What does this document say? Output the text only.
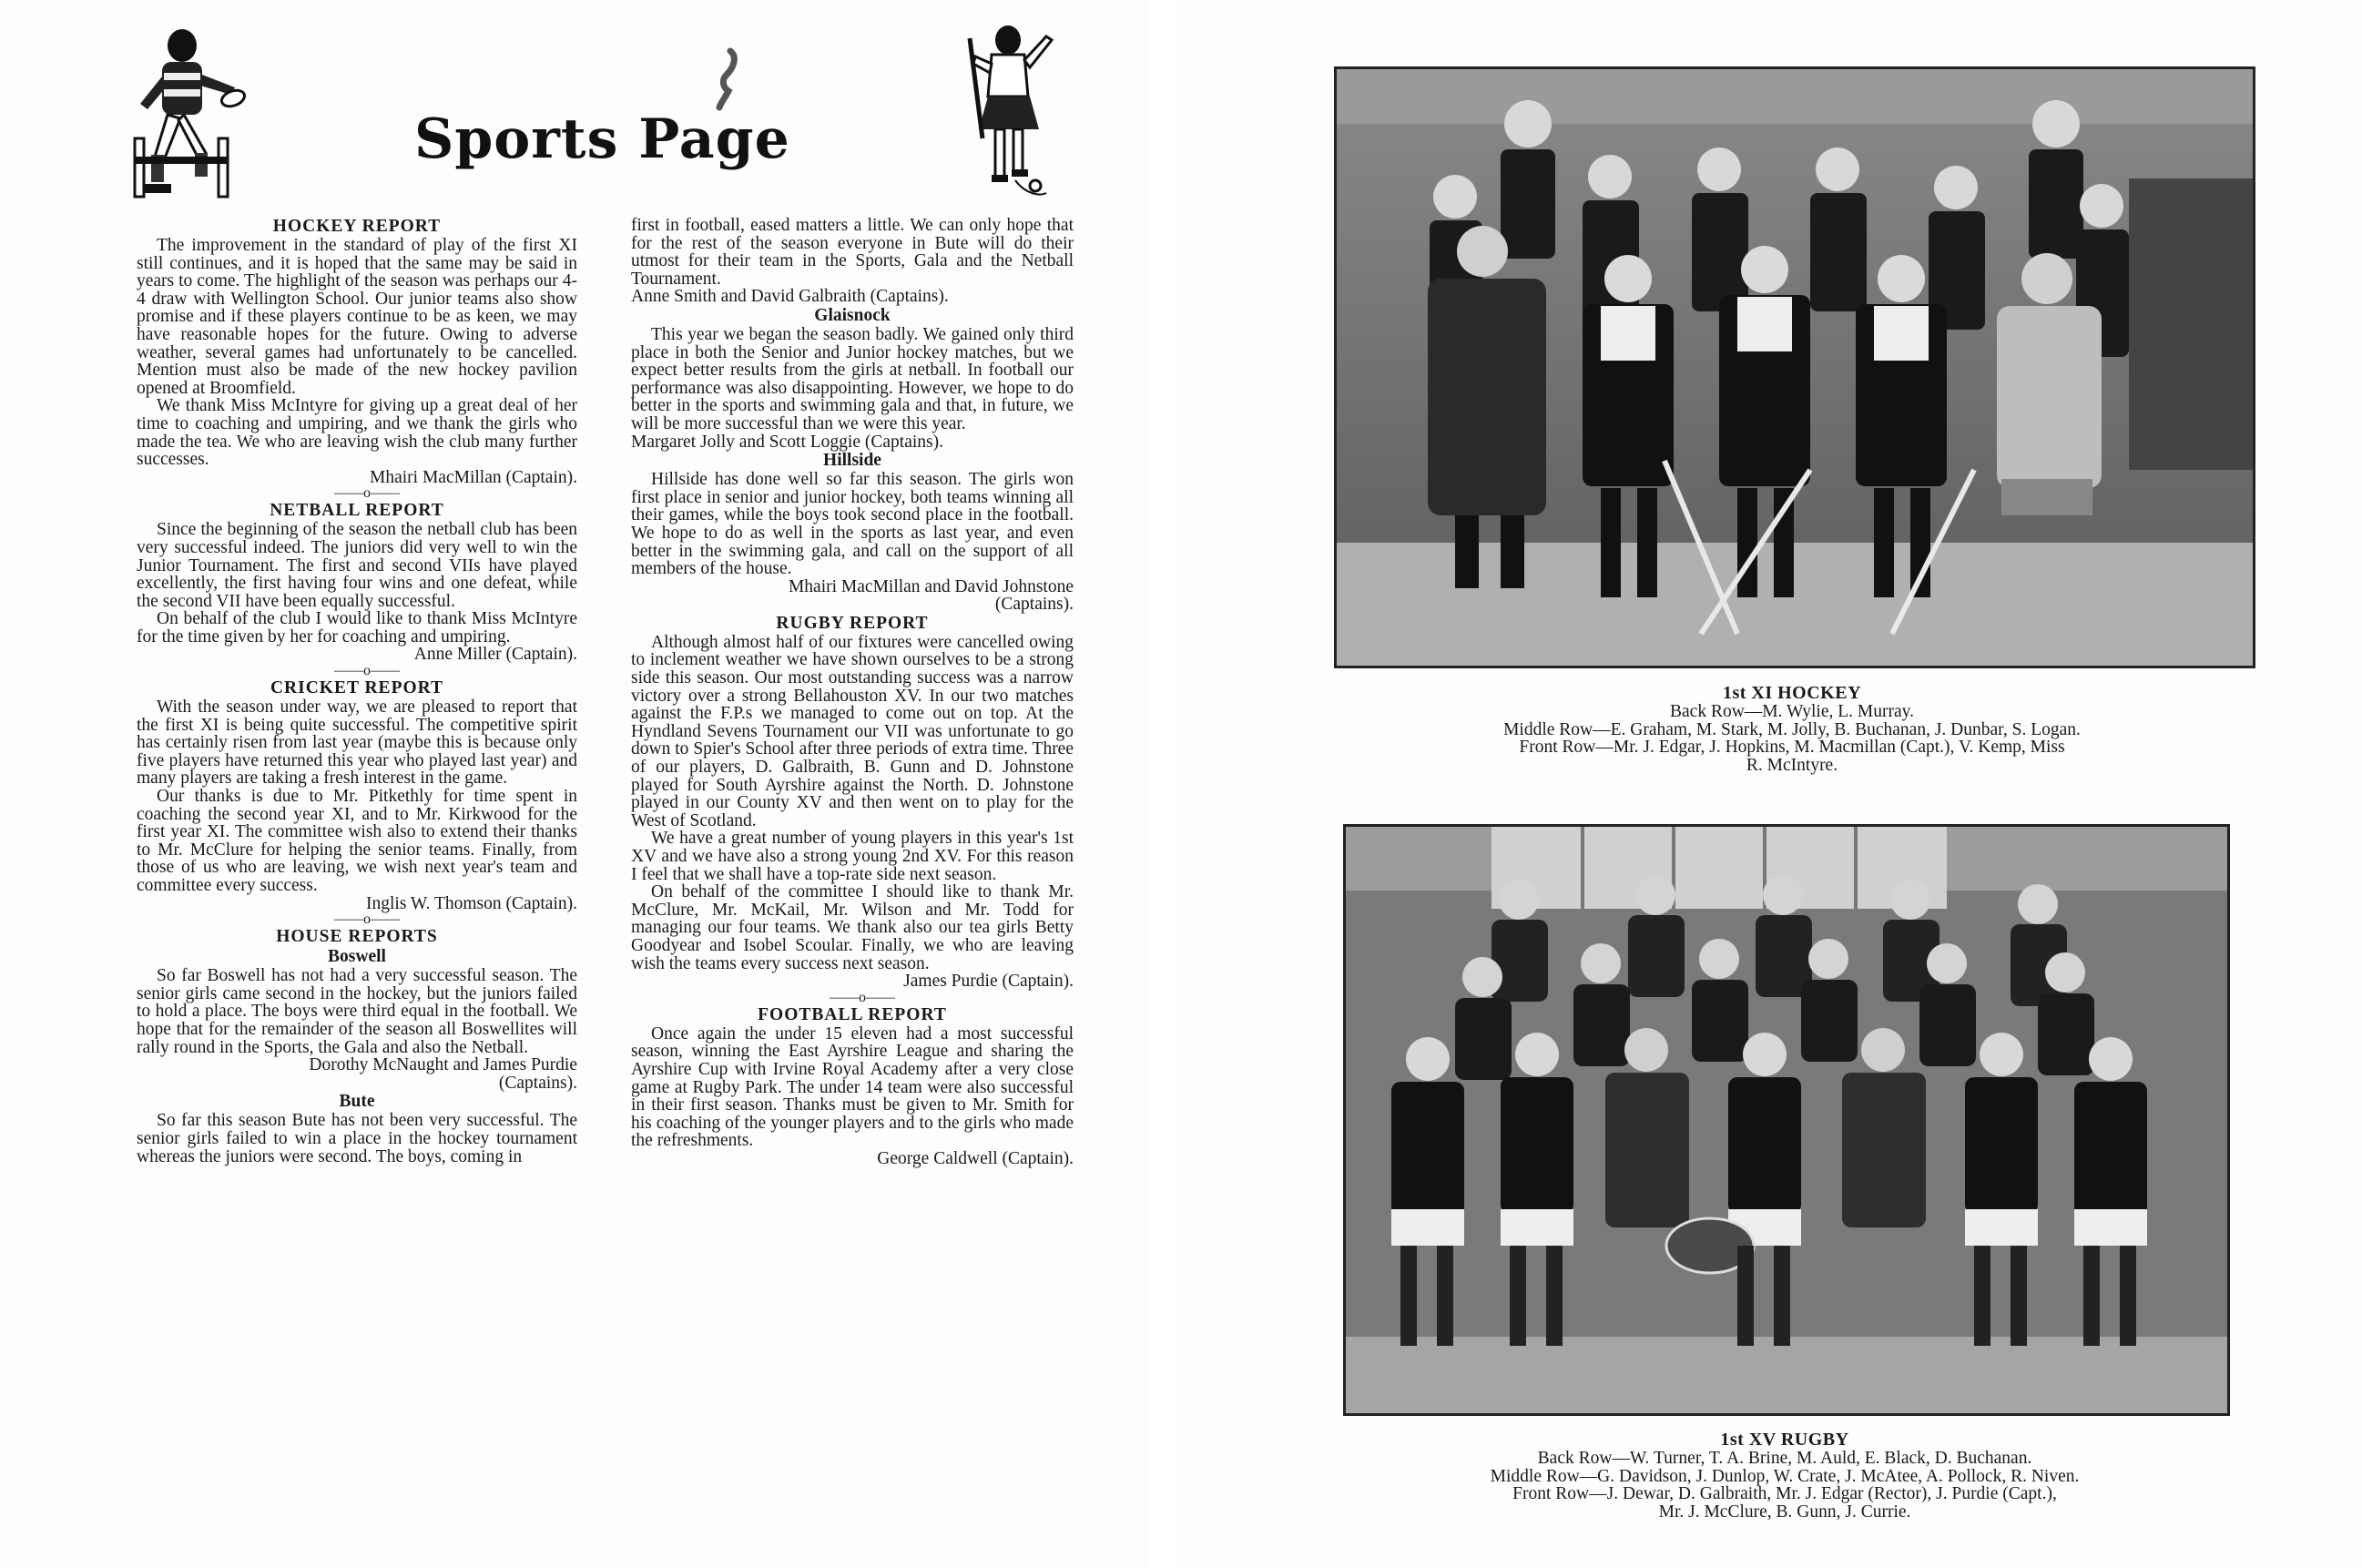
Sports Page
HOCKEY REPORT

The improvement in the standard of play of the first XI still continues, and it is hoped that the same may be said in years to come. The highlight of the season was perhaps our 4-4 draw with Wellington School. Our junior teams also show promise and if these players continue to be as keen, we may have reasonable hopes for the future. Owing to adverse weather, several games had unfortunately to be cancelled. Mention must also be made of the new hockey pavilion opened at Broomfield.

We thank Miss McIntyre for giving up a great deal of her time to coaching and umpiring, and we thank the girls who made the tea. We who are leaving wish the club many further successes.

Mhairi MacMillan (Captain).

——o——

NETBALL REPORT

Since the beginning of the season the netball club has been very successful indeed. The juniors did very well to win the Junior Tournament. The first and second VIIs have played excellently, the first having four wins and one defeat, while the second VII have been equally successful.

On behalf of the club I would like to thank Miss McIntyre for the time given by her for coaching and umpiring.

Anne Miller (Captain).

——o——

CRICKET REPORT

With the season under way, we are pleased to report that the first XI is being quite successful. The competitive spirit has certainly risen from last year (maybe this is because only five players have returned this year who played last year) and many players are taking a fresh interest in the game.

Our thanks is due to Mr. Pitkethly for time spent in coaching the second year XI, and to Mr. Kirkwood for the first year XI. The committee wish also to extend their thanks to Mr. McClure for helping the senior teams. Finally, from those of us who are leaving, we wish next year's team and committee every success.

Inglis W. Thomson (Captain).

——o——

HOUSE REPORTS
Boswell

So far Boswell has not had a very successful season. The senior girls came second in the hockey, but the juniors failed to hold a place. The boys were third equal in the football. We hope that for the remainder of the season all Boswellites will rally round in the Sports, the Gala and also the Netball.

Dorothy McNaught and James Purdie

(Captains).

Bute

So far this season Bute has not been very successful. The senior girls failed to win a place in the hockey tournament whereas the juniors were second. The boys, coming in

first in football, eased matters a little. We can only hope that for the rest of the season everyone in Bute will do their utmost for their team in the Sports, Gala and the Netball Tournament.

Anne Smith and David Galbraith (Captains).

Glaisnock

This year we began the season badly. We gained only third place in both the Senior and Junior hockey matches, but we expect better results from the girls at netball. In football our performance was also disappointing. However, we hope to do better in the sports and swimming gala and that, in future, we will be more successful than we were this year.

Margaret Jolly and Scott Loggie (Captains).

Hillside

Hillside has done well so far this season. The girls won first place in senior and junior hockey, both teams winning all their games, while the boys took second place in the football. We hope to do as well in the sports as last year, and even better in the swimming gala, and call on the support of all members of the house.

Mhairi MacMillan and David Johnstone

(Captains).

RUGBY REPORT

Although almost half of our fixtures were cancelled owing to inclement weather we have shown ourselves to be a strong side this season. Our most outstanding success was a narrow victory over a strong Bellahouston XV. In our two matches against the F.P.s we managed to come out on top. At the Hyndland Sevens Tournament our VII was unfortunate to go down to Spier's School after three periods of extra time. Three of our players, D. Galbraith, B. Gunn and D. Johnstone played for South Ayrshire against the North. D. Johnstone played in our County XV and then went on to play for the West of Scotland.

We have a great number of young players in this year's 1st XV and we have also a strong young 2nd XV. For this reason I feel that we shall have a top-rate side next season.

On behalf of the committee I should like to thank Mr. McClure, Mr. McKail, Mr. Wilson and Mr. Todd for managing our four teams. We thank also our tea girls Betty Goodyear and Isobel Scoular. Finally, we who are leaving wish the teams every success next season.

James Purdie (Captain).

——o——

FOOTBALL REPORT

Once again the under 15 eleven had a most successful season, winning the East Ayrshire League and sharing the Ayrshire Cup with Irvine Royal Academy after a very close game at Rugby Park. The under 14 team were also successful in their first season. Thanks must be given to Mr. Smith for his coaching of the younger players and to the girls who made the refreshments.

George Caldwell (Captain).

1st XI HOCKEY
Back Row—M. Wylie, L. Murray.
Middle Row—E. Graham, M. Stark, M. Jolly, B. Buchanan, J. Dunbar, S. Logan.
Front Row—Mr. J. Edgar, J. Hopkins, M. Macmillan (Capt.), V. Kemp, Miss
R. McIntyre.
1st XV RUGBY
Back Row—W. Turner, T. A. Brine, M. Auld, E. Black, D. Buchanan.
Middle Row—G. Davidson, J. Dunlop, W. Crate, J. McAtee, A. Pollock, R. Niven.
Front Row—J. Dewar, D. Galbraith, Mr. J. Edgar (Rector), J. Purdie (Capt.),
Mr. J. McClure, B. Gunn, J. Currie.
